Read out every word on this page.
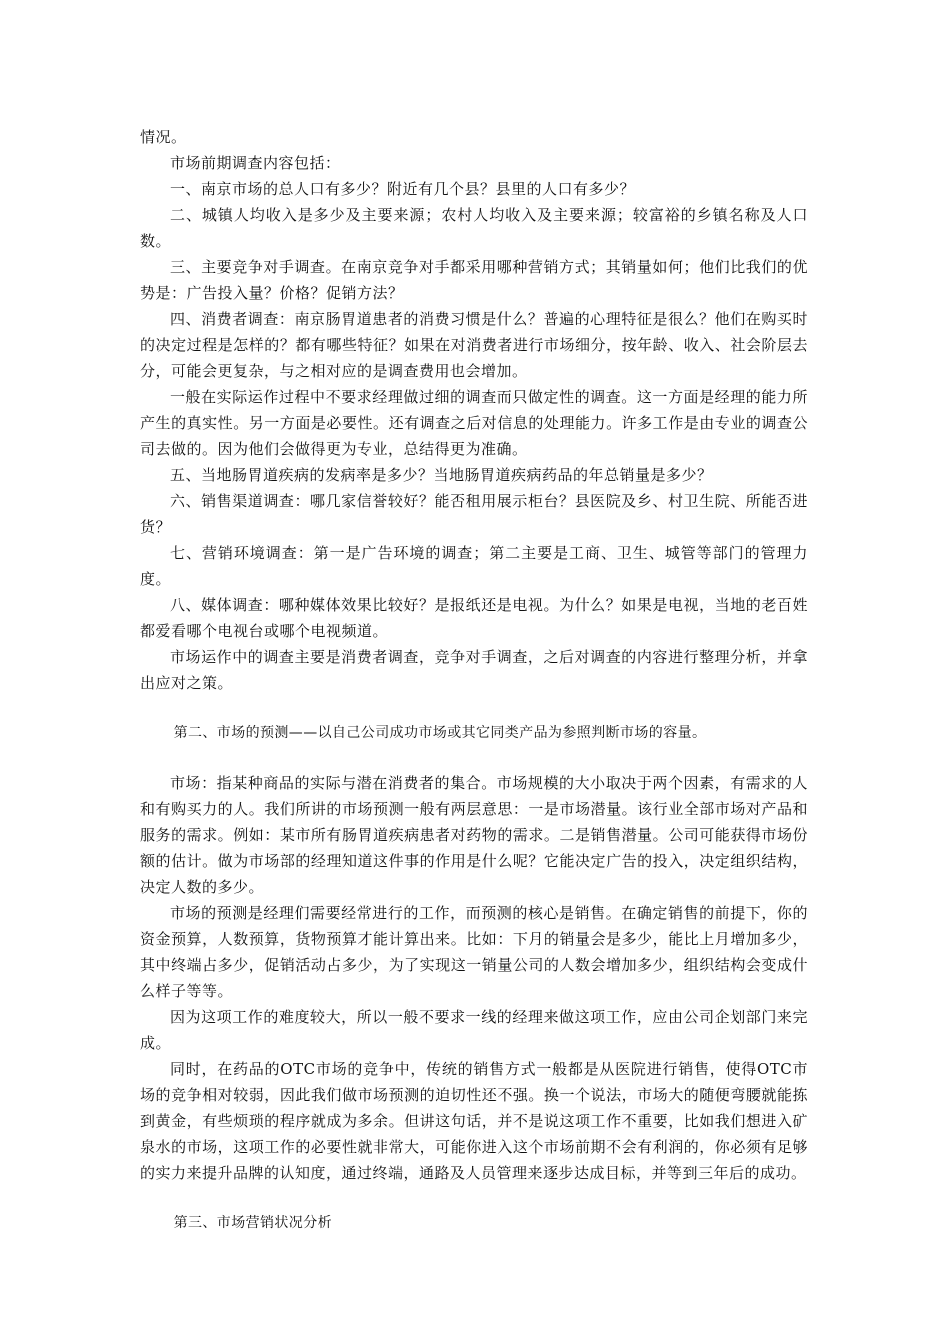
情况。

市场前期调查内容包括：

一、南京市场的总人口有多少？附近有几个县？县里的人口有多少？

二、城镇人均收入是多少及主要来源；农村人均收入及主要来源；较富裕的乡镇名称及人口数。

三、主要竞争对手调查。在南京竞争对手都采用哪种营销方式；其销量如何；他们比我们的优势是：广告投入量？价格？促销方法？

四、消费者调查：南京肠胃道患者的消费习惯是什么？普遍的心理特征是很么？他们在购买时的决定过程是怎样的？都有哪些特征？如果在对消费者进行市场细分，按年龄、收入、社会阶层去分，可能会更复杂，与之相对应的是调查费用也会增加。

一般在实际运作过程中不要求经理做过细的调查而只做定性的调查。这一方面是经理的能力所产生的真实性。另一方面是必要性。还有调查之后对信息的处理能力。许多工作是由专业的调查公司去做的。因为他们会做得更为专业，总结得更为准确。

五、当地肠胃道疾病的发病率是多少？当地肠胃道疾病药品的年总销量是多少？

六、销售渠道调查：哪几家信誉较好？能否租用展示柜台？县医院及乡、村卫生院、所能否进货？

七、营销环境调查：第一是广告环境的调查；第二主要是工商、卫生、城管等部门的管理力度。

八、媒体调查：哪种媒体效果比较好？是报纸还是电视。为什么？如果是电视，当地的老百姓都爱看哪个电视台或哪个电视频道。

市场运作中的调查主要是消费者调查，竞争对手调查，之后对调查的内容进行整理分析，并拿出应对之策。

第二、市场的预测——以自己公司成功市场或其它同类产品为参照判断市场的容量。

市场：指某种商品的实际与潜在消费者的集合。市场规模的大小取决于两个因素，有需求的人和有购买力的人。我们所讲的市场预测一般有两层意思：一是市场潜量。该行业全部市场对产品和服务的需求。例如：某市所有肠胃道疾病患者对药物的需求。二是销售潜量。公司可能获得市场份额的估计。做为市场部的经理知道这件事的作用是什么呢？它能决定广告的投入，决定组织结构，决定人数的多少。

市场的预测是经理们需要经常进行的工作，而预测的核心是销售。在确定销售的前提下，你的资金预算，人数预算，货物预算才能计算出来。比如：下月的销量会是多少，能比上月增加多少，其中终端占多少，促销活动占多少，为了实现这一销量公司的人数会增加多少，组织结构会变成什么样子等等。

因为这项工作的难度较大，所以一般不要求一线的经理来做这项工作，应由公司企划部门来完成。

同时，在药品的OTC市场的竞争中，传统的销售方式一般都是从医院进行销售，使得OTC市场的竞争相对较弱，因此我们做市场预测的迫切性还不强。换一个说法，市场大的随便弯腰就能拣到黄金，有些烦琐的程序就成为多余。但讲这句话，并不是说这项工作不重要，比如我们想进入矿泉水的市场，这项工作的必要性就非常大，可能你进入这个市场前期不会有利润的，你必须有足够的实力来提升品牌的认知度，通过终端，通路及人员管理来逐步达成目标，并等到三年后的成功。

第三、市场营销状况分析
